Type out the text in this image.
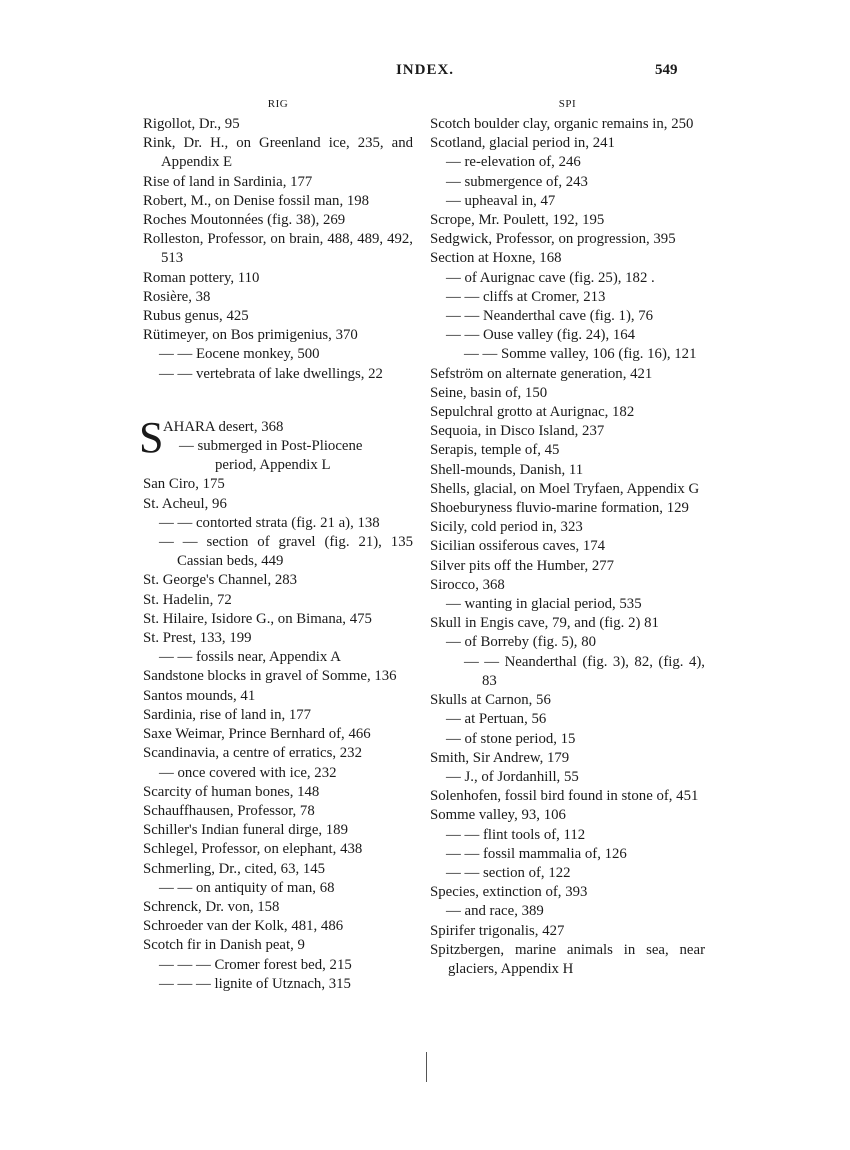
INDEX.	549
RIG
Rigollot, Dr., 95
Rink, Dr. H., on Greenland ice, 235, and Appendix E
Rise of land in Sardinia, 177
Robert, M., on Denise fossil man, 198
Roches Moutonnées (fig. 38), 269
Rolleston, Professor, on brain, 488, 489, 492, 513
Roman pottery, 110
Rosière, 38
Rubus genus, 425
Rütimeyer, on Bos primigenius, 370
— — Eocene monkey, 500
— — vertebrata of lake dwellings, 22
S AHARA desert, 368
— submerged in Post-Pliocene
period, Appendix L
San Ciro, 175
St. Acheul, 96
— — contorted strata (fig. 21 a), 138
— — section of gravel (fig. 21), 135 Cassian beds, 449
St. George's Channel, 283
St. Hadelin, 72
St. Hilaire, Isidore G., on Bimana, 475
St. Prest, 133, 199
— — fossils near, Appendix A
Sandstone blocks in gravel of Somme, 136
Santos mounds, 41
Sardinia, rise of land in, 177
Saxe Weimar, Prince Bernhard of, 466
Scandinavia, a centre of erratics, 232
— once covered with ice, 232
Scarcity of human bones, 148
Schauffhausen, Professor, 78
Schiller's Indian funeral dirge, 189
Schlegel, Professor, on elephant, 438
Schmerling, Dr., cited, 63, 145
— — on antiquity of man, 68
Schrenck, Dr. von, 158
Schroeder van der Kolk, 481, 486
Scotch fir in Danish peat, 9
— — — Cromer forest bed, 215
— — — lignite of Utznach, 315
SPI
Scotch boulder clay, organic remains in, 250
Scotland, glacial period in, 241
— re-elevation of, 246
— submergence of, 243
— upheaval in, 47
Scrope, Mr. Poulett, 192, 195
Sedgwick, Professor, on progression, 395
Section at Hoxne, 168
— of Aurignac cave (fig. 25), 182 .
— — cliffs at Cromer, 213
— — Neanderthal cave (fig. 1), 76
— — Ouse valley (fig. 24), 164
— — Somme valley, 106 (fig. 16), 121
Sefström on alternate generation, 421
Seine, basin of, 150
Sepulchral grotto at Aurignac, 182
Sequoia, in Disco Island, 237
Serapis, temple of, 45
Shell-mounds, Danish, 11
Shells, glacial, on Moel Tryfaen, Appendix G
Shoeburyness fluvio-marine formation, 129
Sicily, cold period in, 323
Sicilian ossiferous caves, 174
Silver pits off the Humber, 277
Sirocco, 368
— wanting in glacial period, 535
Skull in Engis cave, 79, and (fig. 2) 81
— of Borreby (fig. 5), 80
— — Neanderthal (fig. 3), 82, (fig. 4), 83
Skulls at Carnon, 56
— at Pertuan, 56
— of stone period, 15
Smith, Sir Andrew, 179
— J., of Jordanhill, 55
Solenhofen, fossil bird found in stone of, 451
Somme valley, 93, 106
— — flint tools of, 112
— — fossil mammalia of, 126
— — section of, 122
Species, extinction of, 393
— and race, 389
Spirifer trigonalis, 427
Spitzbergen, marine animals in sea, near glaciers, Appendix H
